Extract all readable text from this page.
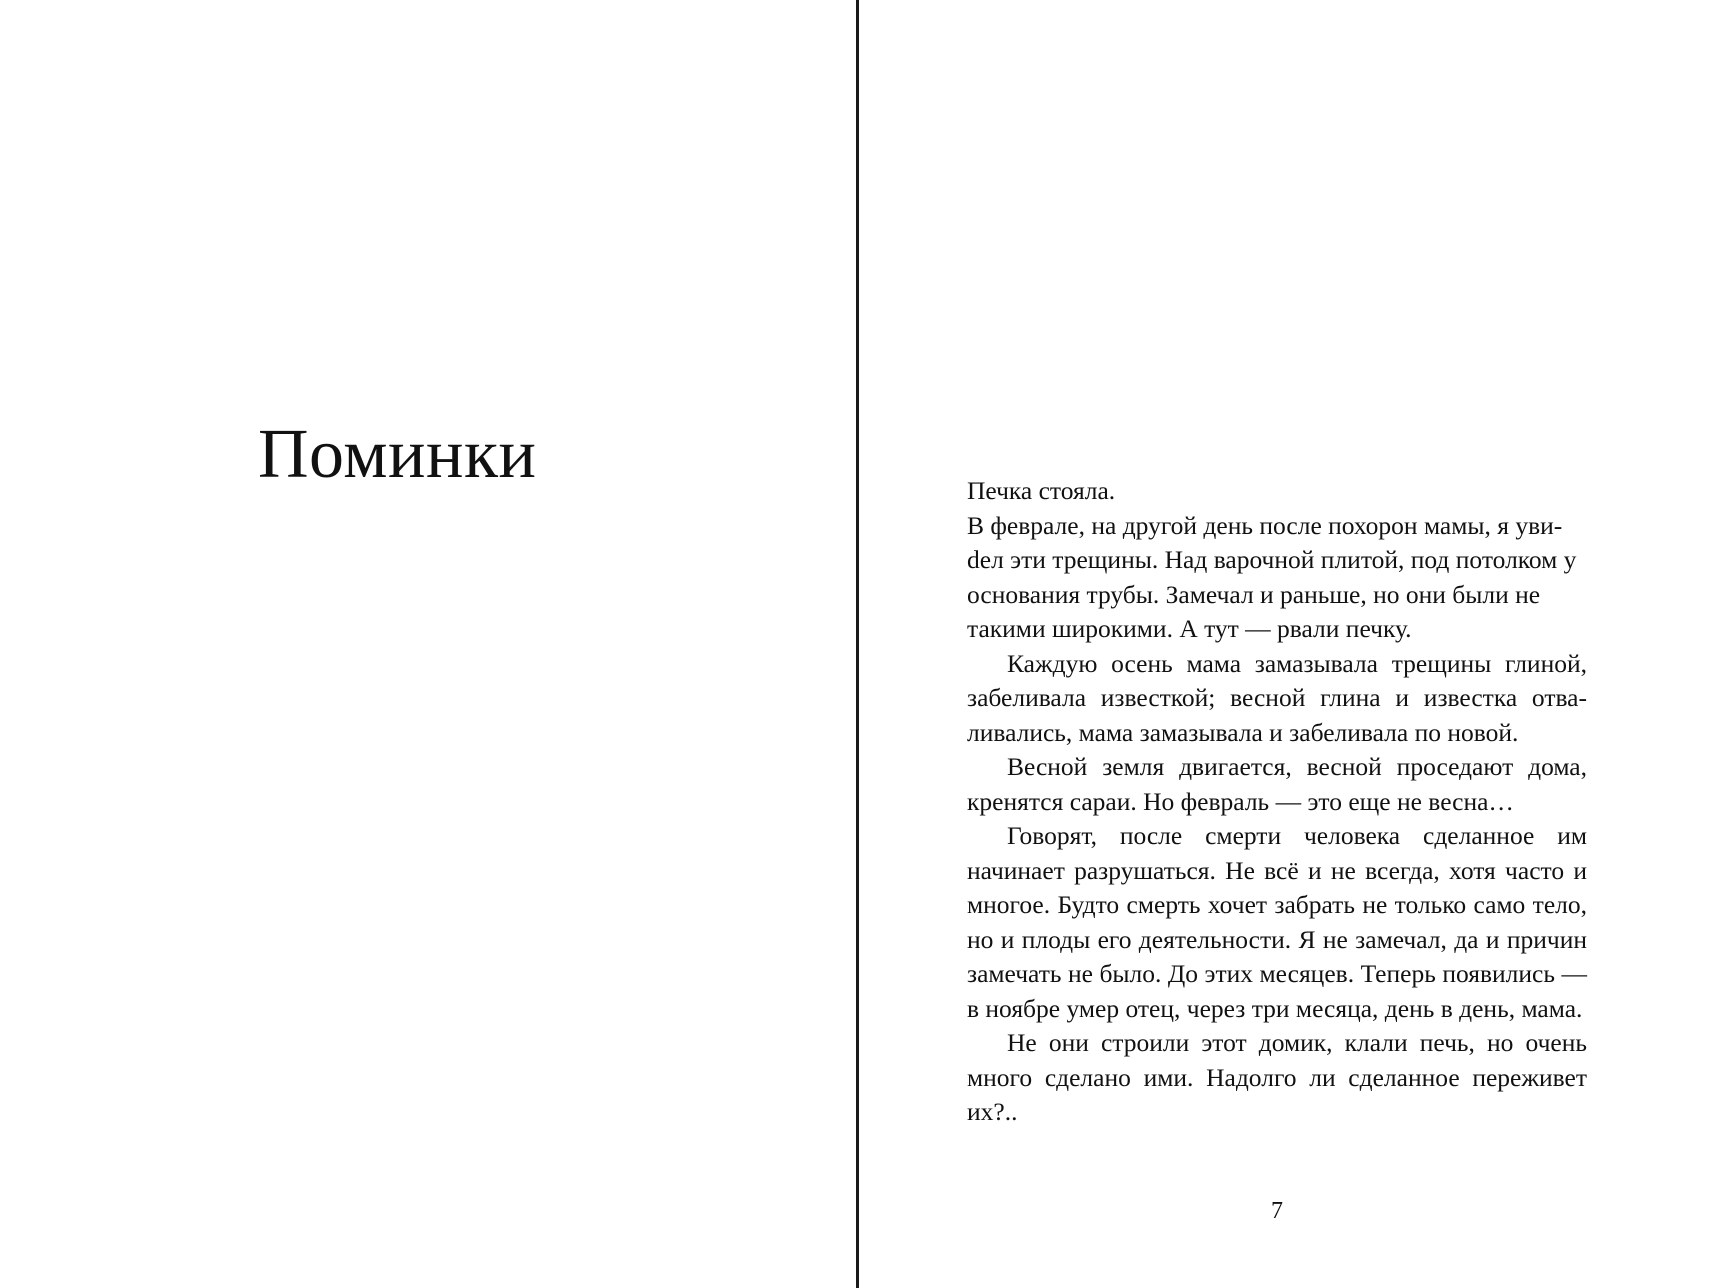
Поминки	Печка стояла.

В феврале, на другой день после похорон мамы, я увиdел эти трещины. Над варочной плитой, под потолком у основания трубы. Замечал и раньше, но они были не такими широкими. А тут — рвали печку.

Каждую осень мама замазывала трещины глиной, забеливала известкой; весной глина и известка отваливались, мама замазывала и забеливала по новой.

Весной земля двигается, весной проседают дома, кренятся сараи. Но февраль — это еще не весна…

Говорят, после смерти человека сделанное им начинает разрушаться. Не всё и не всегда, хотя часто и многое. Будто смерть хочет забрать не только само тело, но и плоды его деятельности. Я не замечал, да и причин замечать не было. До этих месяцев. Теперь появились — в ноябре умер отец, через три месяца, день в день, мама.

Не они строили этот домик, клали печь, но очень много сделано ими. Надолго ли сделанное переживет их?..

7
